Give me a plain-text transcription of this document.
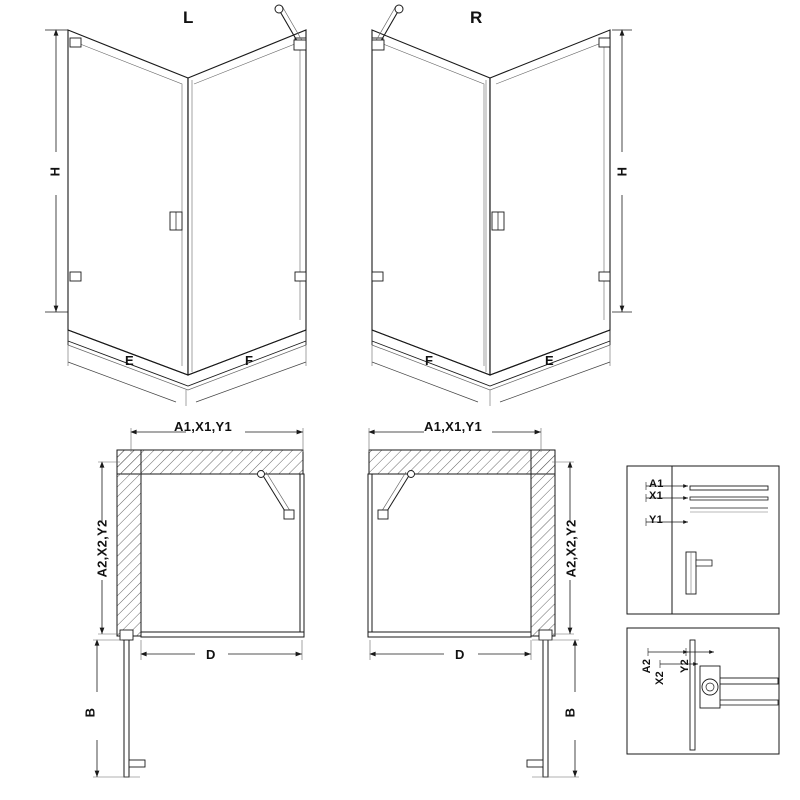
L	R
H	H
E	F	F	E
A1,X1,Y1	A1,X1,Y1
A2,X2,Y2	A2,X2,Y2
D	D
B	B
A1
X1
Y1
A2
X2
Y2
